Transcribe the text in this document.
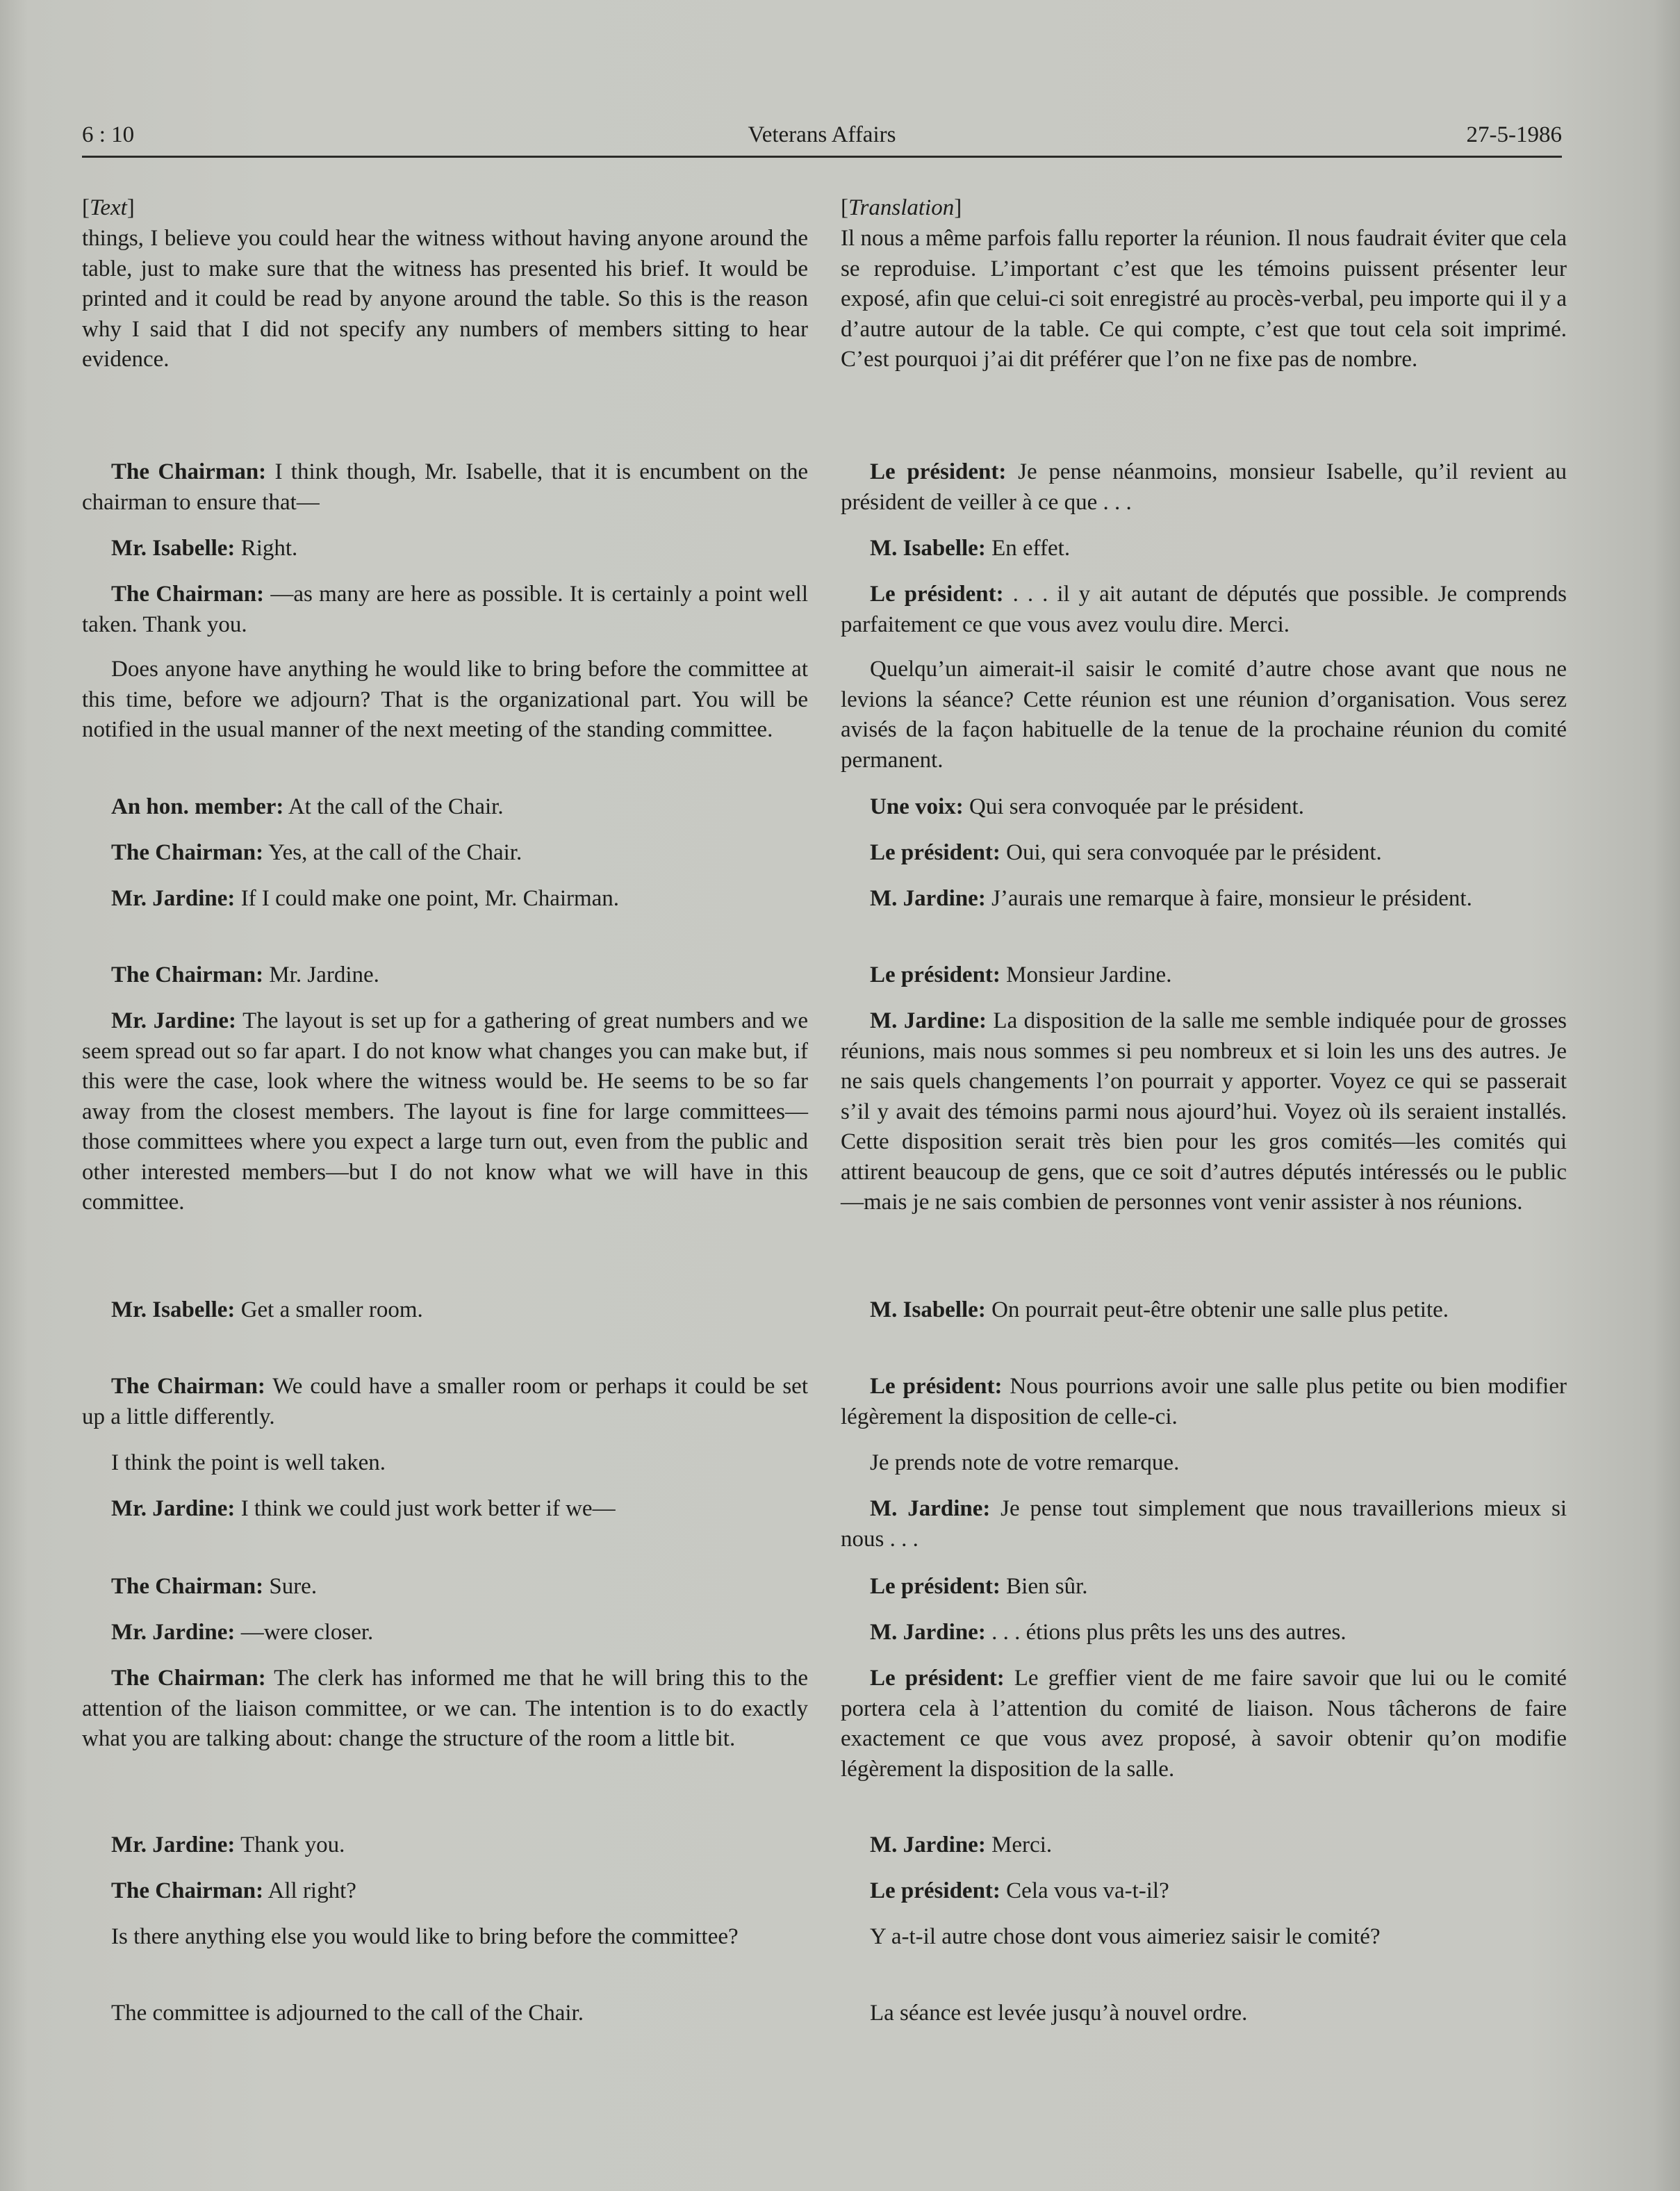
6 : 10	Veterans Affairs	27-5-1986

[Text]

things, I believe you could hear the witness without having anyone around the table, just to make sure that the witness has presented his brief. It would be printed and it could be read by anyone around the table. So this is the reason why I said that I did not specify any numbers of members sitting to hear evidence.

The Chairman: I think though, Mr. Isabelle, that it is encumbent on the chairman to ensure that—

Mr. Isabelle: Right.

The Chairman: —as many are here as possible. It is certainly a point well taken. Thank you.

Does anyone have anything he would like to bring before the committee at this time, before we adjourn? That is the organizational part. You will be notified in the usual manner of the next meeting of the standing committee.

An hon. member: At the call of the Chair.

The Chairman: Yes, at the call of the Chair.

Mr. Jardine: If I could make one point, Mr. Chairman.

The Chairman: Mr. Jardine.

Mr. Jardine: The layout is set up for a gathering of great numbers and we seem spread out so far apart. I do not know what changes you can make but, if this were the case, look where the witness would be. He seems to be so far away from the closest members. The layout is fine for large committees—those committees where you expect a large turn out, even from the public and other interested members—but I do not know what we will have in this committee.

Mr. Isabelle: Get a smaller room.

The Chairman: We could have a smaller room or perhaps it could be set up a little differently.

I think the point is well taken.

Mr. Jardine: I think we could just work better if we—

The Chairman: Sure.

Mr. Jardine: —were closer.

The Chairman: The clerk has informed me that he will bring this to the attention of the liaison committee, or we can. The intention is to do exactly what you are talking about: change the structure of the room a little bit.

Mr. Jardine: Thank you.

The Chairman: All right?

Is there anything else you would like to bring before the committee?

The committee is adjourned to the call of the Chair.

[Translation]

Il nous a même parfois fallu reporter la réunion. Il nous faudrait éviter que cela se reproduise. L’important c’est que les témoins puissent présenter leur exposé, afin que celui-ci soit enregistré au procès-verbal, peu importe qui il y a d’autre autour de la table. Ce qui compte, c’est que tout cela soit imprimé. C’est pourquoi j’ai dit préférer que l’on ne fixe pas de nombre.

Le président: Je pense néanmoins, monsieur Isabelle, qu’il revient au président de veiller à ce que . . .

M. Isabelle: En effet.

Le président: . . . il y ait autant de députés que possible. Je comprends parfaitement ce que vous avez voulu dire. Merci.

Quelqu’un aimerait-il saisir le comité d’autre chose avant que nous ne levions la séance? Cette réunion est une réunion d’organisation. Vous serez avisés de la façon habituelle de la tenue de la prochaine réunion du comité permanent.

Une voix: Qui sera convoquée par le président.

Le président: Oui, qui sera convoquée par le président.

M. Jardine: J’aurais une remarque à faire, monsieur le président.

Le président: Monsieur Jardine.

M. Jardine: La disposition de la salle me semble indiquée pour de grosses réunions, mais nous sommes si peu nombreux et si loin les uns des autres. Je ne sais quels changements l’on pourrait y apporter. Voyez ce qui se passerait s’il y avait des témoins parmi nous ajourd’hui. Voyez où ils seraient installés. Cette disposition serait très bien pour les gros comités—les comités qui attirent beaucoup de gens, que ce soit d’autres députés intéressés ou le public—mais je ne sais combien de personnes vont venir assister à nos réunions.

M. Isabelle: On pourrait peut-être obtenir une salle plus petite.

Le président: Nous pourrions avoir une salle plus petite ou bien modifier légèrement la disposition de celle-ci.

Je prends note de votre remarque.

M. Jardine: Je pense tout simplement que nous travaillerions mieux si nous . . .

Le président: Bien sûr.

M. Jardine: . . . étions plus prêts les uns des autres.

Le président: Le greffier vient de me faire savoir que lui ou le comité portera cela à l’attention du comité de liaison. Nous tâcherons de faire exactement ce que vous avez proposé, à savoir obtenir qu’on modifie légèrement la disposition de la salle.

M. Jardine: Merci.

Le président: Cela vous va-t-il?

Y a-t-il autre chose dont vous aimeriez saisir le comité?

La séance est levée jusqu’à nouvel ordre.
